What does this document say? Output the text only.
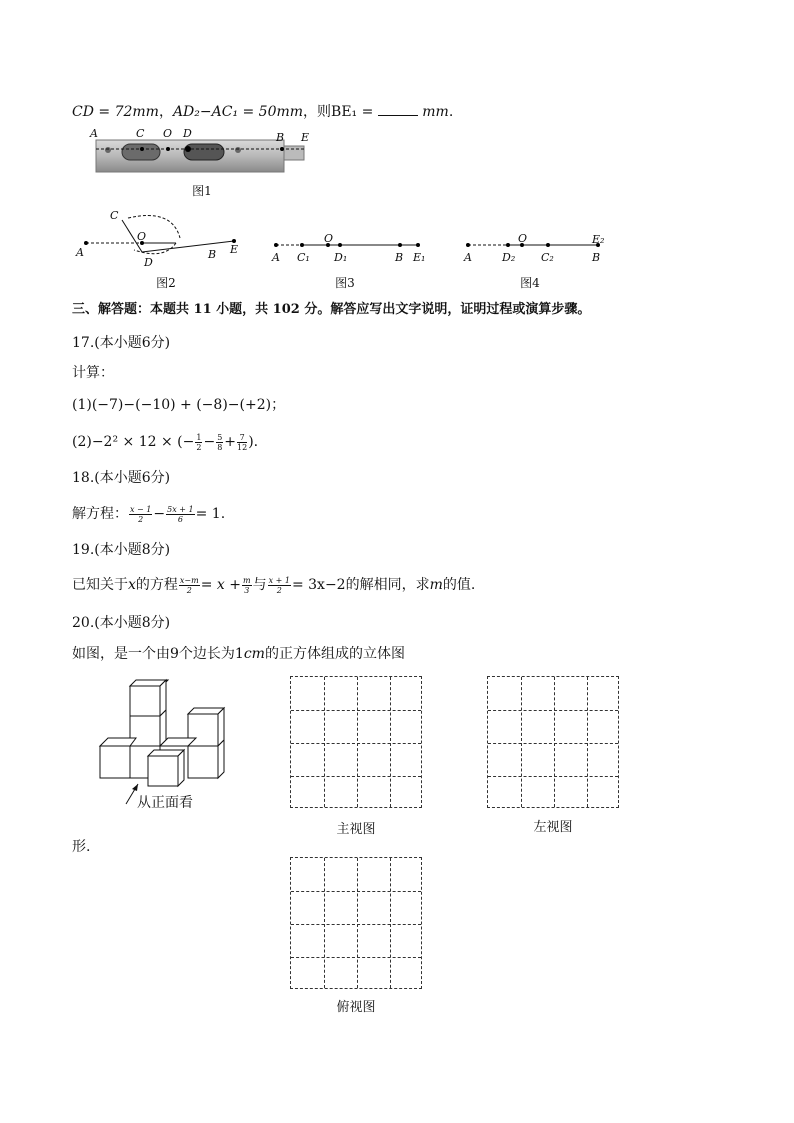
CD = 72mm，AD₂−AC₁ = 50mm，则BE₁ =	mm.
A	C O D	B E
图1
C
O
A
D
B E
图2
O
A C₁ D₁	B E₁
图3
O	E₂
A	D₂ C₂	B
图4
三、解答题：本题共 11 小题，共 102 分。解答应写出文字说明，证明过程或演算步骤。
17.(本小题6分)
计算：
(1)(−7)−(−10) + (−8)−(+2)；
(2)−2² × 12 × (− $\frac{1}{2} - \frac{5}{8} + \frac{7}{12}$ ).
18.(本小题6分)
解方程： $\frac{x - 1}{2} - \frac{5x + 1}{6} = 1$.
19.(本小题8分)
已知关于x的方程 $\frac{x-m}{2} = x + \frac{m}{3}$ 与 $\frac{x + 1}{2} = 3x-2$的解相同，求m的值.
20.(本小题8分)
如图，是一个由9个边长为1cm的正方体组成的立体图
从正面看
主视图	左视图
形.
俯视图
